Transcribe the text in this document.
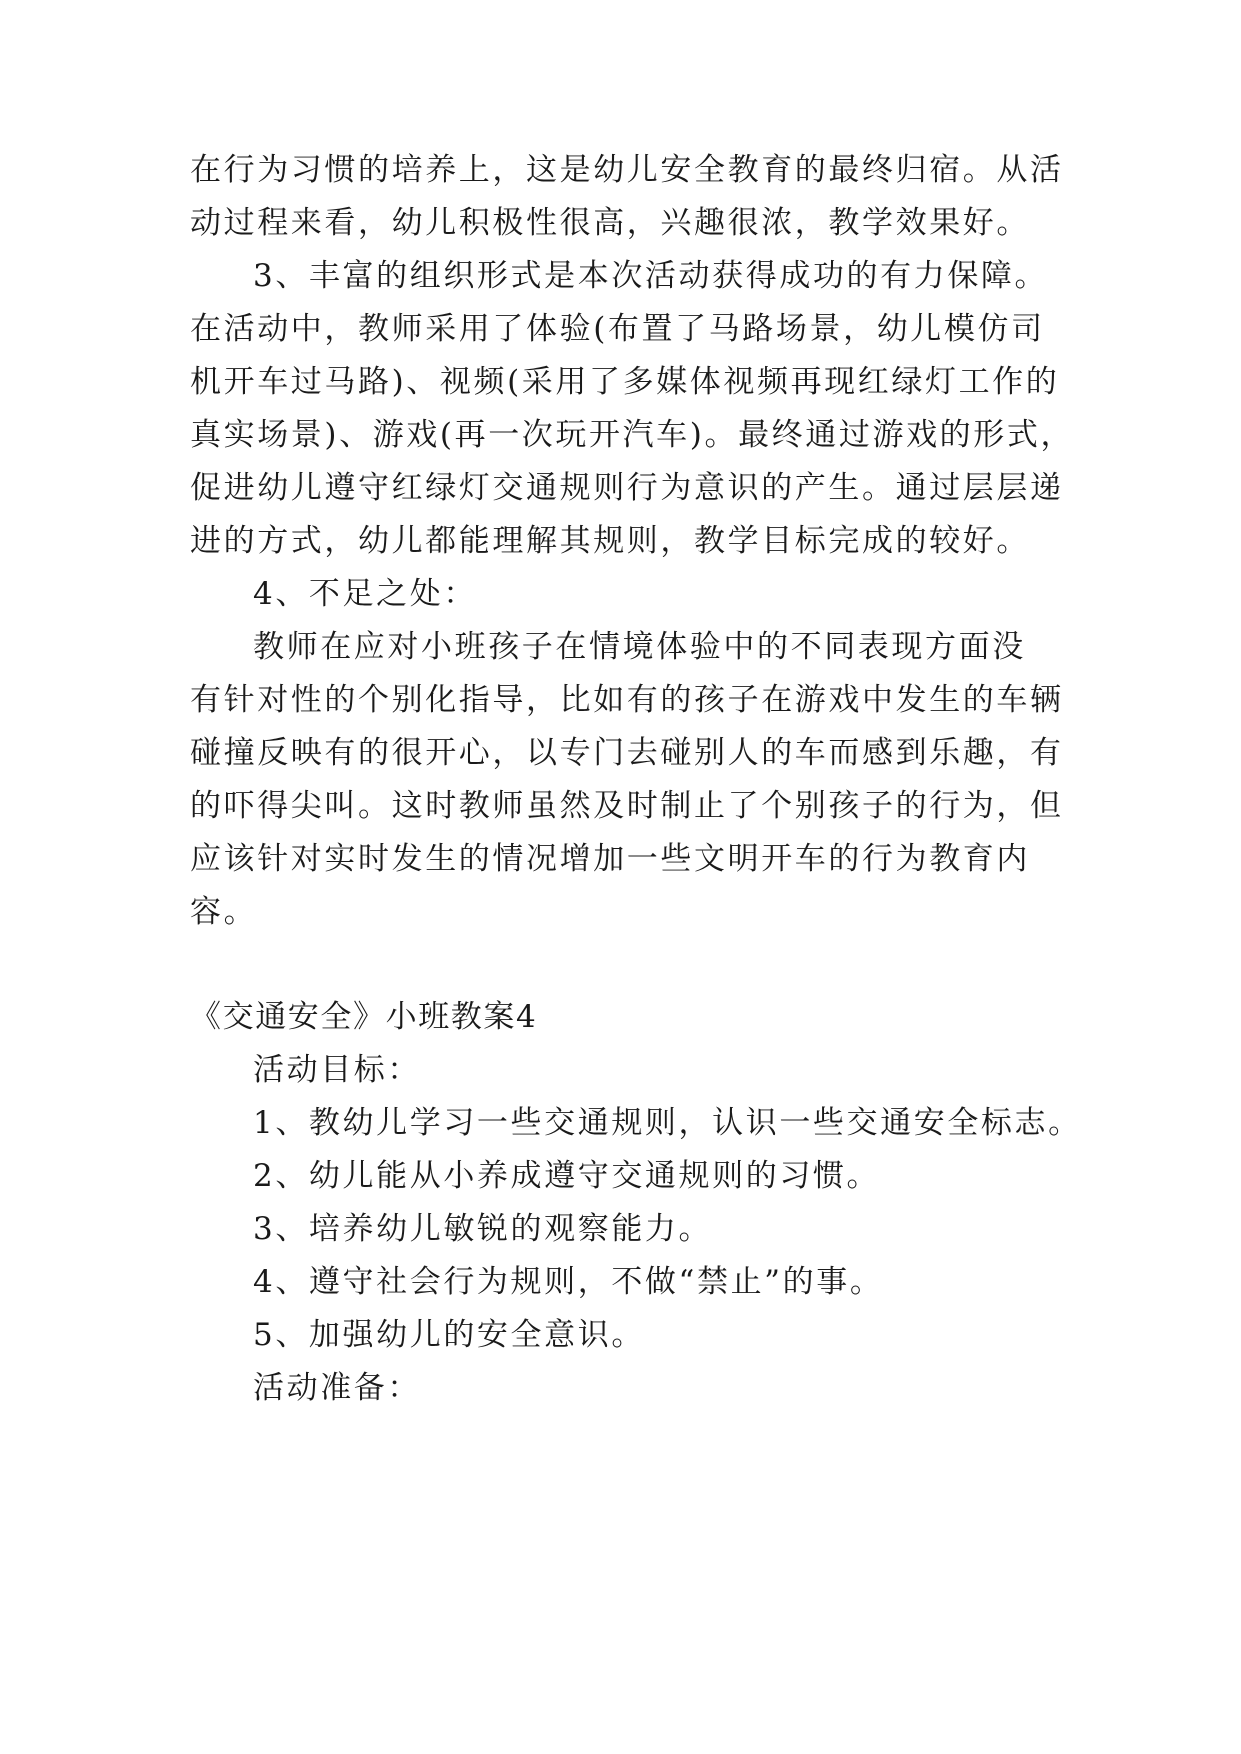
在行为习惯的培养上，这是幼儿安全教育的最终归宿。从活
动过程来看，幼儿积极性很高，兴趣很浓，教学效果好。
3、丰富的组织形式是本次活动获得成功的有力保障。
在活动中，教师采用了体验(布置了马路场景，幼儿模仿司
机开车过马路)、视频(采用了多媒体视频再现红绿灯工作的
真实场景)、游戏(再一次玩开汽车)。最终通过游戏的形式，
促进幼儿遵守红绿灯交通规则行为意识的产生。通过层层递
进的方式，幼儿都能理解其规则，教学目标完成的较好。
4、不足之处：
教师在应对小班孩子在情境体验中的不同表现方面没
有针对性的个别化指导，比如有的孩子在游戏中发生的车辆
碰撞反映有的很开心，以专门去碰别人的车而感到乐趣，有
的吓得尖叫。这时教师虽然及时制止了个别孩子的行为，但
应该针对实时发生的情况增加一些文明开车的行为教育内
容。
《交通安全》小班教案4
活动目标：
1、教幼儿学习一些交通规则，认识一些交通安全标志。
2、幼儿能从小养成遵守交通规则的习惯。
3、培养幼儿敏锐的观察能力。
4、遵守社会行为规则，不做“禁止”的事。
5、加强幼儿的安全意识。
活动准备：
